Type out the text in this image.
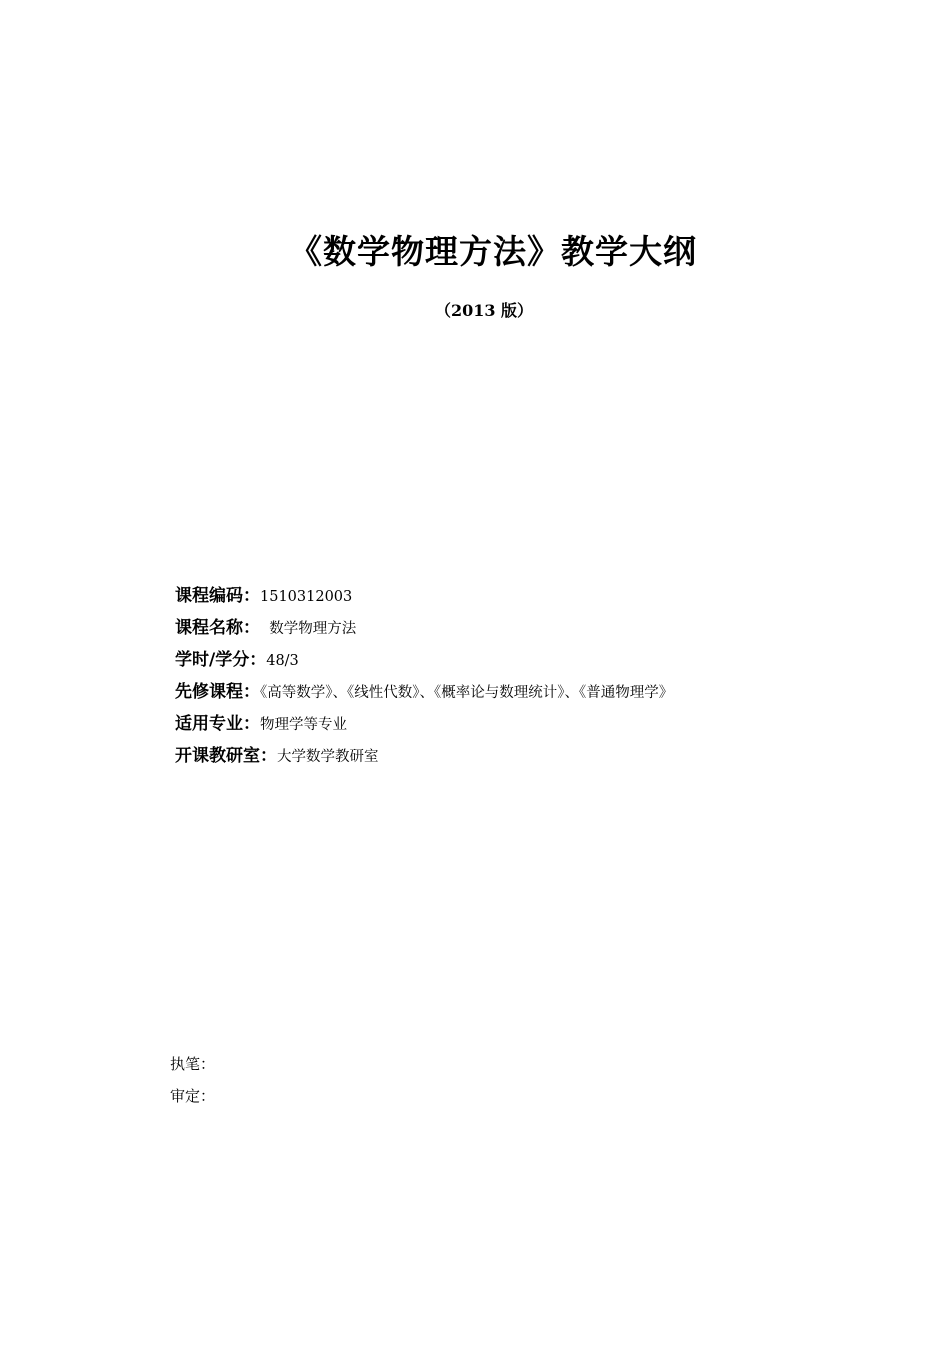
《数学物理方法》教学大纲
（2013 版）
课程编码：1510312003
课程名称：  数学物理方法
学时/学分：48/3
先修课程：《高等数学》、《线性代数》、《概率论与数理统计》、《普通物理学》
适用专业：物理学等专业
开课教研室：大学数学教研室
执笔：
审定：
